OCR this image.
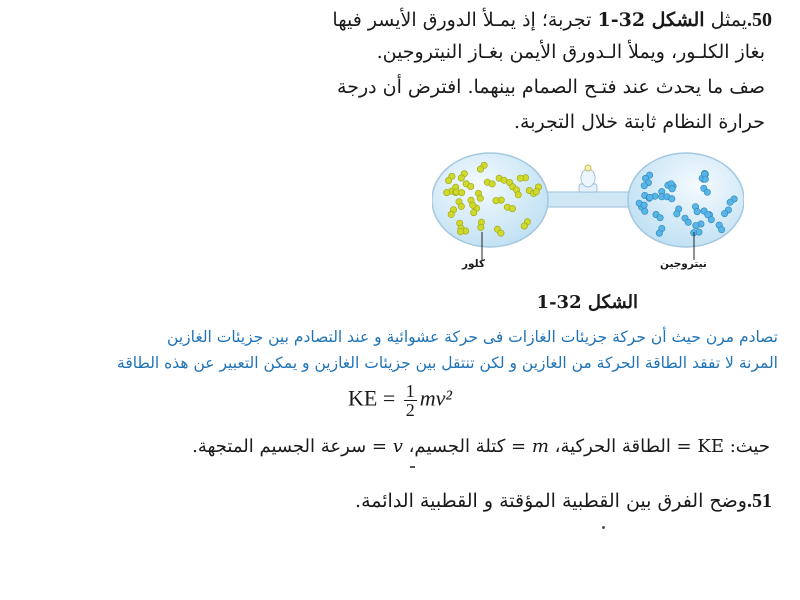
50.يمثل الشكل 32-1 تجربة؛ إذ يمـلأ الدورق الأيسر فيها
بغاز الكلـور، ويملأ الـدورق الأيمن بغـاز النيتروجين.
صف ما يحدث عند فتـح الصمام بينهما. افترض أن درجة
حرارة النظام ثابتة خلال التجربة.
كلور	نيتروجين
الشكل 32-1
تصادم مرن حيث أن حركة جزيئات الغازات فى حركة عشوائية و عند التصادم بين جزيئات الغازين
المرنة لا تفقد الطاقة الحركة من الغازين و لكن تنتقل بين جزيئات الغازين و يمكن التعبير عن هذه الطاقة
KE = $\frac{1}{2} mv^2$
حيث: KE = الطاقة الحركية، m = كتلة الجسيم، v = سرعة الجسيم المتجهة.
51.وضح الفرق بين القطبية المؤقتة و القطبية الدائمة.
